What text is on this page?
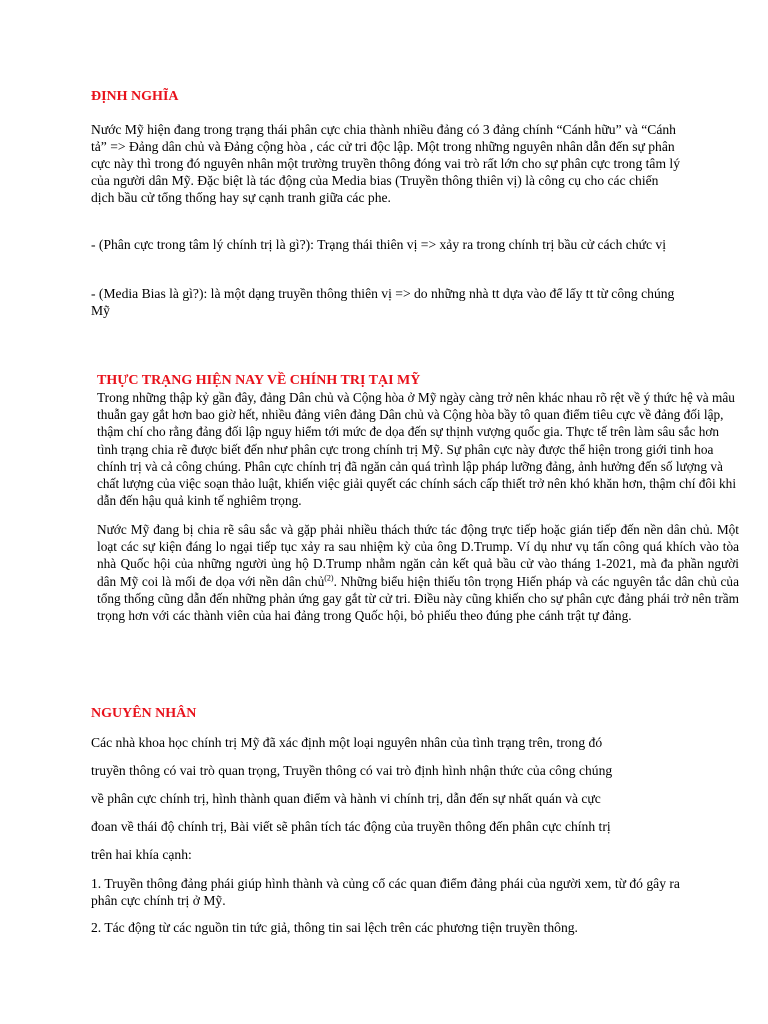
ĐỊNH NGHĨA

Nước Mỹ hiện đang trong trạng thái phân cực chia thành nhiều đảng có 3 đảng chính “Cánh hữu” và “Cánh tả” => Đảng dân chủ và Đảng cộng hòa , các cử tri độc lập. Một trong những nguyên nhân dẫn đến sự phân cực này thì trong đó nguyên nhân một trường truyền thông đóng vai trò rất lớn cho sự phân cực trong tâm lý của người dân Mỹ. Đặc biệt là tác động của Media bias (Truyền thông thiên vị) là công cụ cho các chiến dịch bầu cử tổng thống hay sự cạnh tranh giữa các phe.

- (Phân cực trong tâm lý chính trị là gì?): Trạng thái thiên vị => xảy ra trong chính trị bầu cử cách chức vị

- (Media Bias là gì?): là một dạng truyền thông thiên vị => do những nhà tt dựa vào để lấy tt từ công chúng Mỹ

THỰC TRẠNG HIỆN NAY VỀ CHÍNH TRỊ TẠI MỸ

Trong những thập kỷ gần đây, đảng Dân chủ và Cộng hòa ở Mỹ ngày càng trở nên khác nhau rõ rệt về ý thức hệ và mâu thuẫn gay gắt hơn bao giờ hết, nhiều đảng viên đảng Dân chủ và Cộng hòa bầy tô quan điểm tiêu cực về đảng đối lập, thậm chí cho rằng đảng đối lập nguy hiểm tới mức đe dọa đến sự thịnh vượng quốc gia. Thực tế trên làm sâu sắc hơn tình trạng chia rẽ được biết đến như phân cực trong chính trị Mỹ. Sự phân cực này được thể hiện trong giới tinh hoa chính trị và cả công chúng. Phân cực chính trị đã ngăn cản quá trình lập pháp lưỡng đảng, ảnh hưởng đến số lượng và chất lượng của việc soạn thảo luật, khiến việc giải quyết các chính sách cấp thiết trở nên khó khăn hơn, thậm chí đôi khi dẫn đến hậu quả kinh tế nghiêm trọng.

Nước Mỹ đang bị chia rẽ sâu sắc và gặp phải nhiều thách thức tác động trực tiếp hoặc gián tiếp đến nền dân chủ. Một loạt các sự kiện đáng lo ngại tiếp tục xảy ra sau nhiệm kỳ của ông D.Trump. Ví dụ như vụ tấn công quá khích vào tòa nhà Quốc hội của những người ủng hộ D.Trump nhằm ngăn cản kết quả bầu cử vào tháng 1-2021, mà đa phần người dân Mỹ coi là mối đe dọa với nền dân chủ$^{(2)}$. Những biểu hiện thiếu tôn trọng Hiến pháp và các nguyên tắc dân chủ của tổng thống cũng dẫn đến những phản ứng gay gắt từ cử tri. Điều này cũng khiến cho sự phân cực đảng phái trở nên trầm trọng hơn với các thành viên của hai đảng trong Quốc hội, bỏ phiếu theo đúng phe cánh trật tự đảng.

NGUYÊN NHÂN

Các nhà khoa học chính trị Mỹ đã xác định một loại nguyên nhân của tình trạng trên, trong đó truyền thông có vai trò quan trọng, Truyền thông có vai trò định hình nhận thức của công chúng về phân cực chính trị, hình thành quan điểm và hành vi chính trị, dẫn đến sự nhất quán và cực đoan về thái độ chính trị, Bài viết sẽ phân tích tác động của truyền thông đến phân cực chính trị trên hai khía cạnh:

1. Truyền thông đảng phái giúp hình thành và củng cố các quan điểm đảng phái của người xem, từ đó gây ra phân cực chính trị ở Mỹ.

2. Tác động từ các nguồn tin tức giả, thông tin sai lệch trên các phương tiện truyền thông.
